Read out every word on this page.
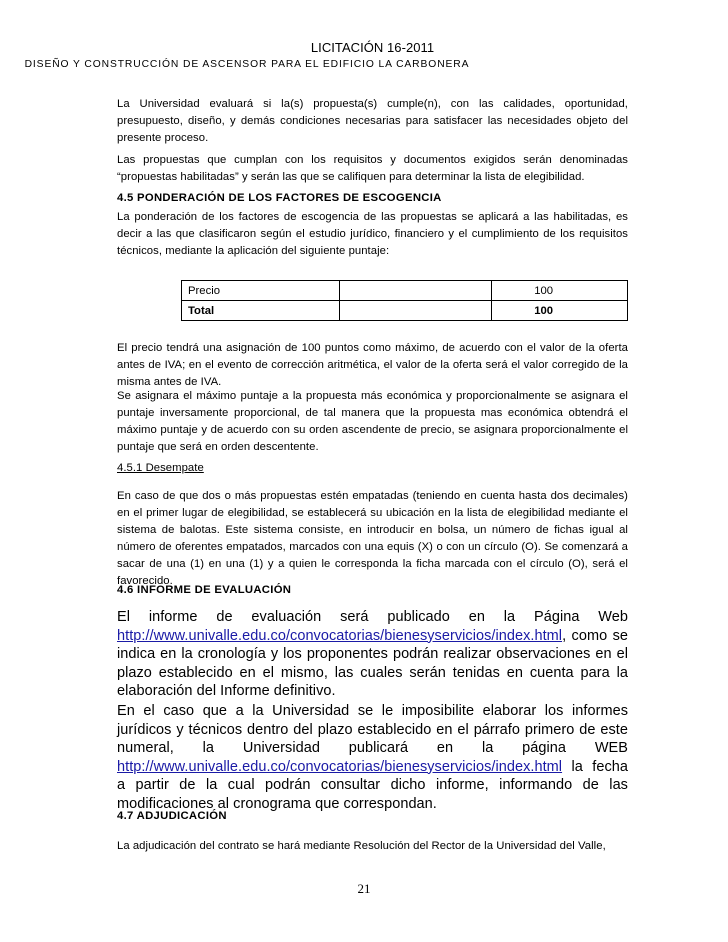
LICITACIÓN 16-2011

DISEÑO Y CONSTRUCCIÓN DE ASCENSOR PARA EL EDIFICIO LA CARBONERA

La Universidad evaluará si la(s) propuesta(s) cumple(n), con las calidades, oportunidad, presupuesto, diseño, y demás condiciones necesarias para satisfacer las necesidades objeto del presente proceso.

Las propuestas que cumplan con los requisitos y documentos exigidos serán denominadas “propuestas habilitadas” y serán las que se califiquen para determinar la lista de elegibilidad.

4.5 PONDERACIÓN DE LOS FACTORES DE ESCOGENCIA

La ponderación de los factores de escogencia de las propuestas se aplicará a las habilitadas, es decir a las que clasificaron según el estudio jurídico, financiero y el cumplimiento de los requisitos técnicos, mediante la aplicación del siguiente puntaje:

Precio		100
Total		100

El precio tendrá una asignación de 100 puntos como máximo, de acuerdo con el valor de la oferta antes de IVA; en el evento de corrección aritmética, el valor de la oferta será el valor corregido de la misma antes de IVA.

Se asignara el máximo puntaje a la propuesta más económica y proporcionalmente se asignara el puntaje inversamente proporcional, de tal manera que la propuesta mas económica obtendrá el máximo puntaje y de acuerdo con su orden ascendente de precio, se asignara proporcionalmente el puntaje que será en orden descentente.

4.5.1 Desempate

En caso de que dos o más propuestas estén empatadas (teniendo en cuenta hasta dos decimales) en el primer lugar de elegibilidad, se establecerá su ubicación en la lista de elegibilidad mediante el sistema de balotas. Este sistema consiste, en introducir en bolsa, un número de fichas igual al número de oferentes empatados, marcados con una equis (X) o con un círculo (O). Se comenzará a sacar de una (1) en una (1) y a quien le corresponda la ficha marcada con el círculo (O), será el favorecido.

4.6 INFORME DE EVALUACIÓN

El informe de evaluación será publicado en la Página Web http://www.univalle.edu.co/convocatorias/bienesyservicios/index.html, como se indica en la cronología y los proponentes podrán realizar observaciones en el plazo establecido en el mismo, las cuales serán tenidas en cuenta para la elaboración del Informe definitivo.

En el caso que a la Universidad se le imposibilite elaborar los informes jurídicos y técnicos dentro del plazo establecido en el párrafo primero de este numeral, la Universidad publicará en la página WEB http://www.univalle.edu.co/convocatorias/bienesyservicios/index.html la fecha a partir de la cual podrán consultar dicho informe, informando de las modificaciones al cronograma que correspondan.

4.7 ADJUDICACIÓN

La adjudicación del contrato se hará mediante Resolución del Rector de la Universidad del Valle,

21
